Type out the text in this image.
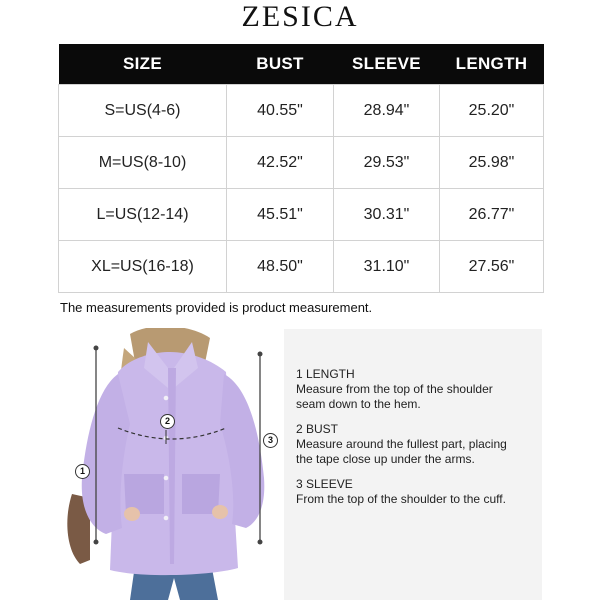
ZESICA
SIZE	BUST	SLEEVE	LENGTH
S=US(4-6)	40.55"	28.94"	25.20"
M=US(8-10)	42.52"	29.53"	25.98"
L=US(12-14)	45.51"	30.31"	26.77"
XL=US(16-18)	48.50"	31.10"	27.56"
The measurements provided is product measurement.
1
2
3
1 LENGTH
Measure from the top of the shoulder seam down to the hem.
2 BUST
Measure around the fullest part, placing the tape close up under the arms.
3 SLEEVE
From the top of the shoulder to the cuff.
